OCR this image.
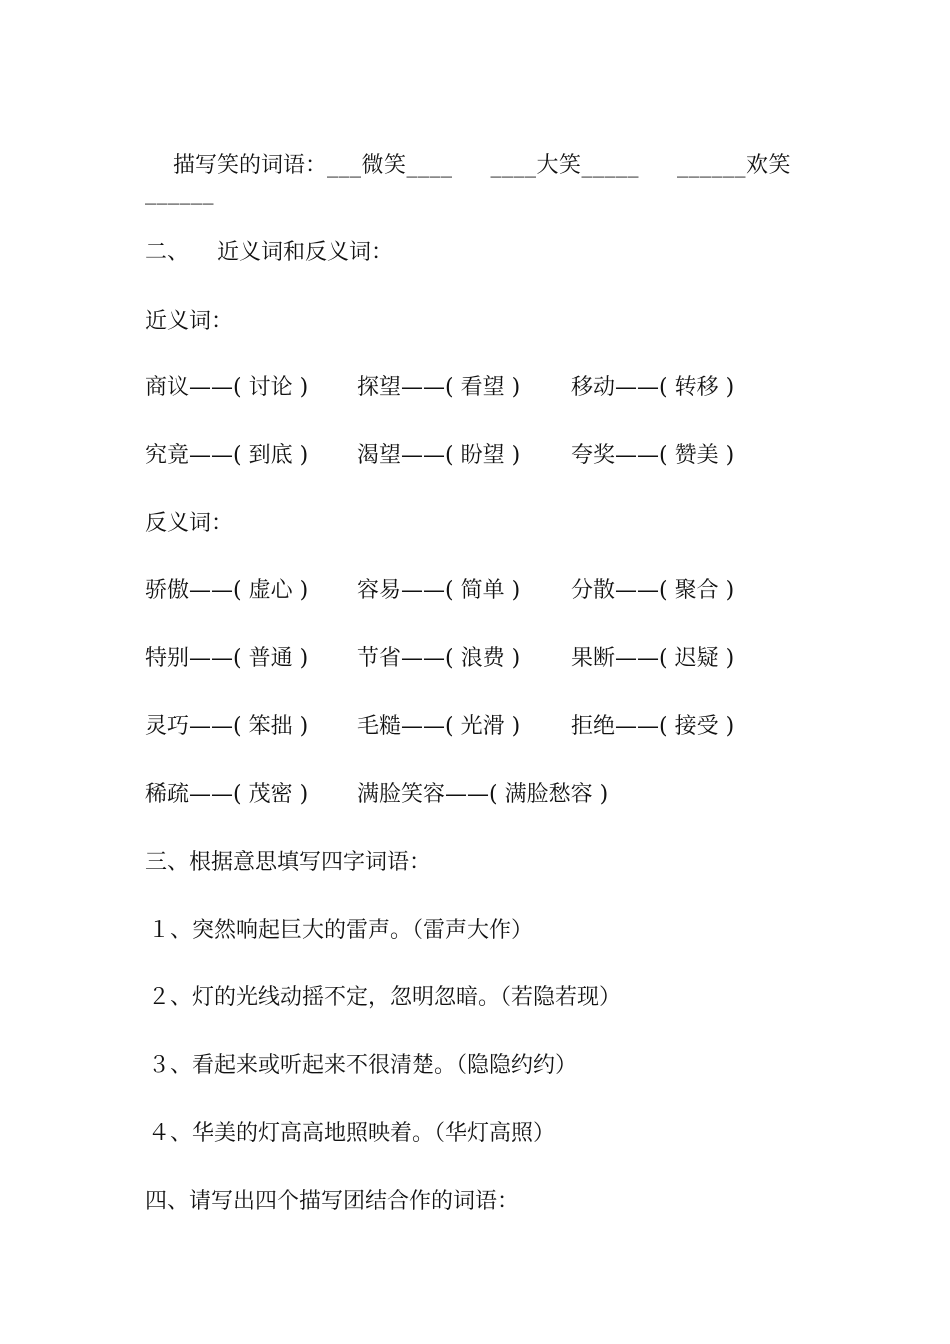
描写笑的词语：___微笑____ ____大笑_____ ______欢笑

______
二、    近义词和反义词：
近义词：
商议——( 讨论 ) 探望——( 看望 ) 移动——( 转移 )
究竟——( 到底 ) 渴望——( 盼望 ) 夸奖——( 赞美 )
反义词：
骄傲——( 虚心 ) 容易——( 简单 ) 分散——( 聚合 )
特别——( 普通 ) 节省——( 浪费 ) 果断——( 迟疑 )
灵巧——( 笨拙 ) 毛糙——( 光滑 ) 拒绝——( 接受 )
稀疏——( 茂密 ) 满脸笑容——( 满脸愁容 )
三、根据意思填写四字词语：
１、突然响起巨大的雷声。（雷声大作）
２、灯的光线动摇不定，忽明忽暗。（若隐若现）
３、看起来或听起来不很清楚。（隐隐约约）
４、华美的灯高高地照映着。（华灯高照）
四、请写出四个描写团结合作的词语：
